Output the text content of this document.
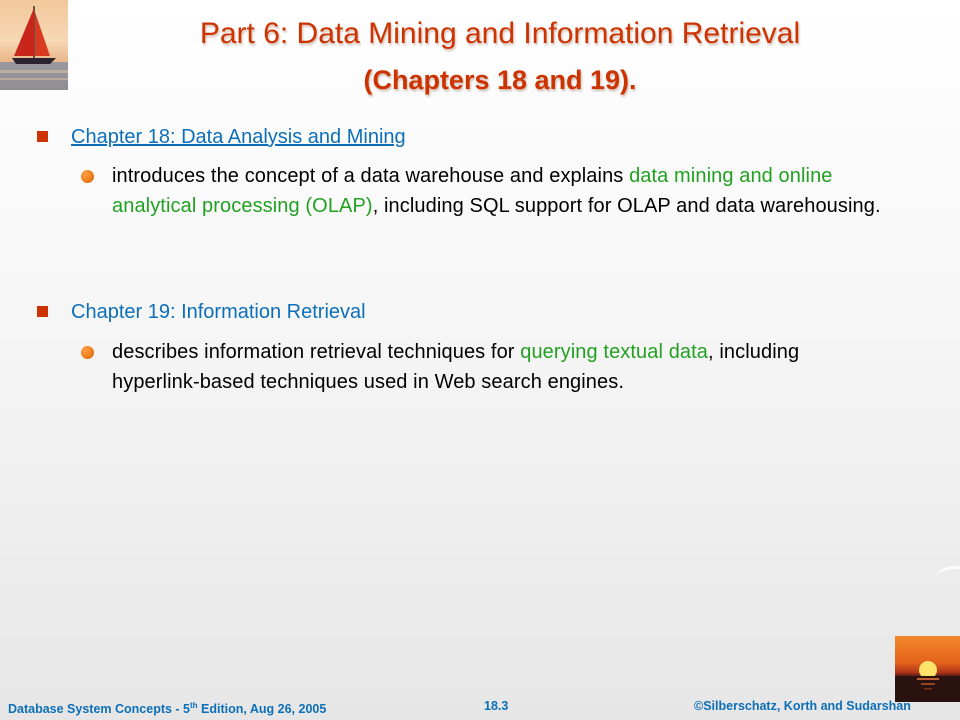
Part 6: Data Mining and Information Retrieval
(Chapters 18 and 19).
Chapter 18: Data Analysis and Mining
introduces the concept of a data warehouse and explains data mining and online analytical processing (OLAP), including SQL support for OLAP and data warehousing.
Chapter 19: Information Retrieval
describes information retrieval techniques for querying textual data, including hyperlink-based techniques used in Web search engines.
Database System Concepts - 5th Edition, Aug 26, 2005	18.3	©Silberschatz, Korth and Sudarshan
